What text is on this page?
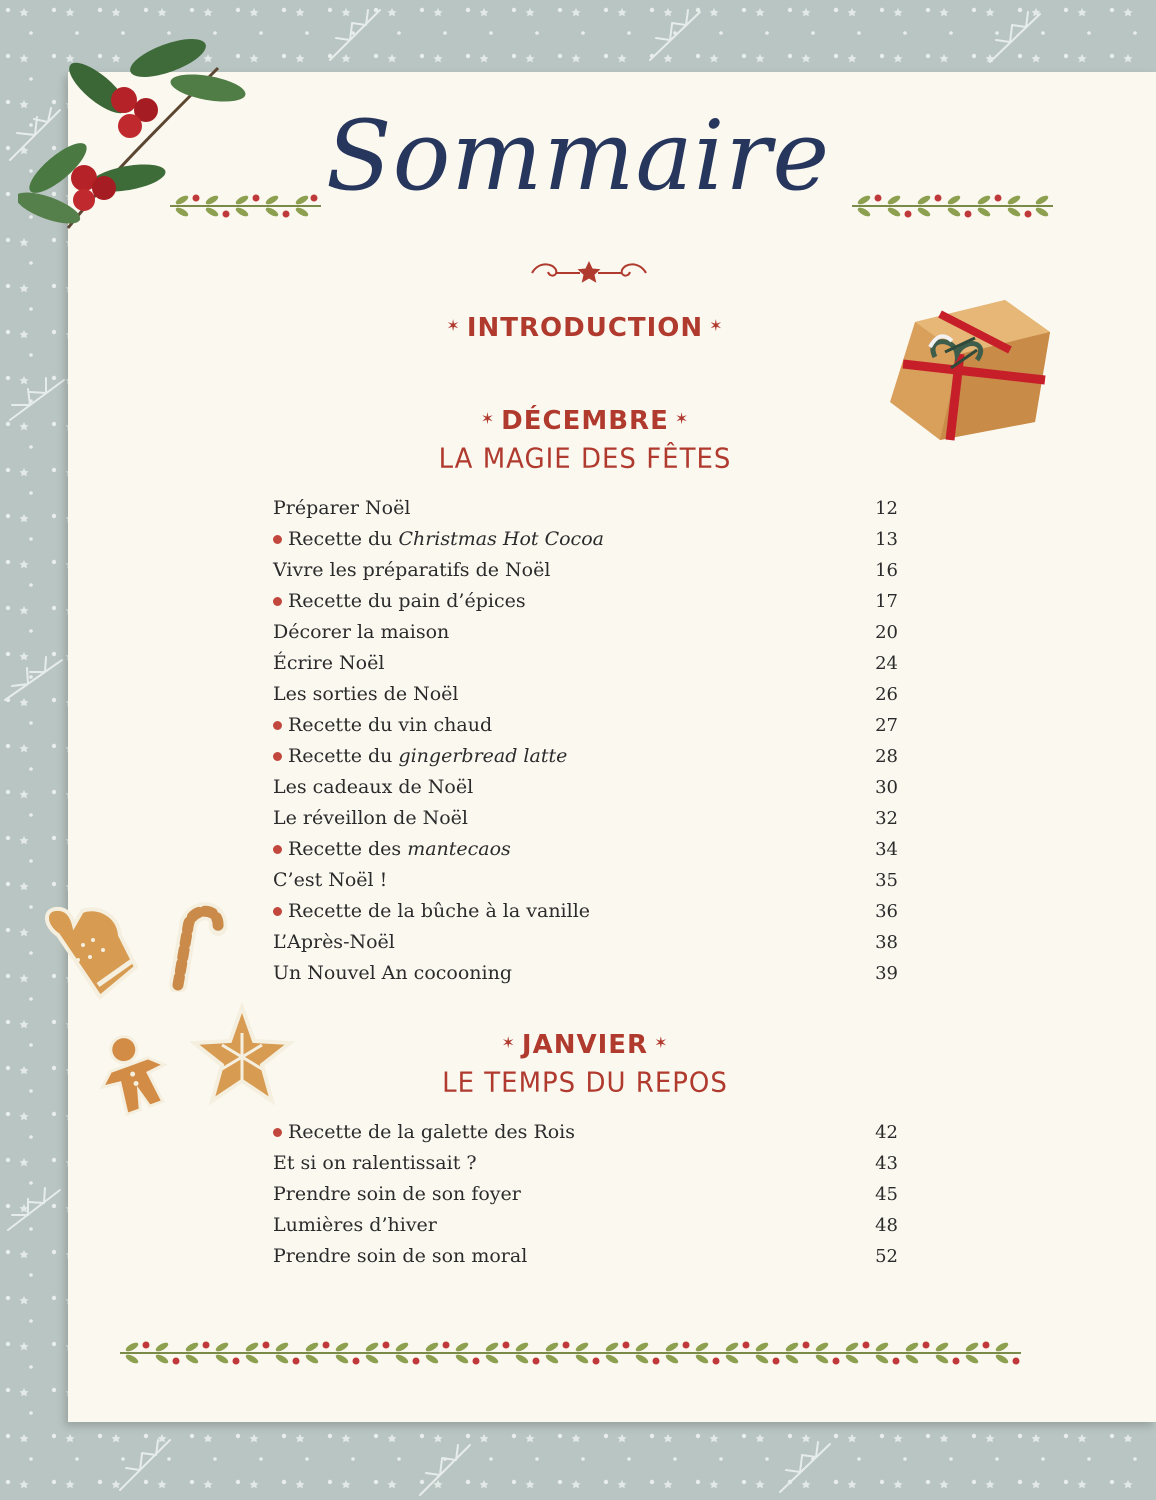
Sommaire
✶ INTRODUCTION ✶
✶ DÉCEMBRE ✶
LA MAGIE DES FÊTES
Préparer Noël	12
Recette du Christmas Hot Cocoa	13
Vivre les préparatifs de Noël	16
Recette du pain d’épices	17
Décorer la maison	20
Écrire Noël	24
Les sorties de Noël	26
Recette du vin chaud	27
Recette du gingerbread latte	28
Les cadeaux de Noël	30
Le réveillon de Noël	32
Recette des mantecaos	34
C’est Noël !	35
Recette de la bûche à la vanille	36
L’Après-Noël	38
Un Nouvel An cocooning	39
✶ JANVIER ✶
LE TEMPS DU REPOS
Recette de la galette des Rois	42
Et si on ralentissait ?	43
Prendre soin de son foyer	45
Lumières d’hiver	48
Prendre soin de son moral	52
